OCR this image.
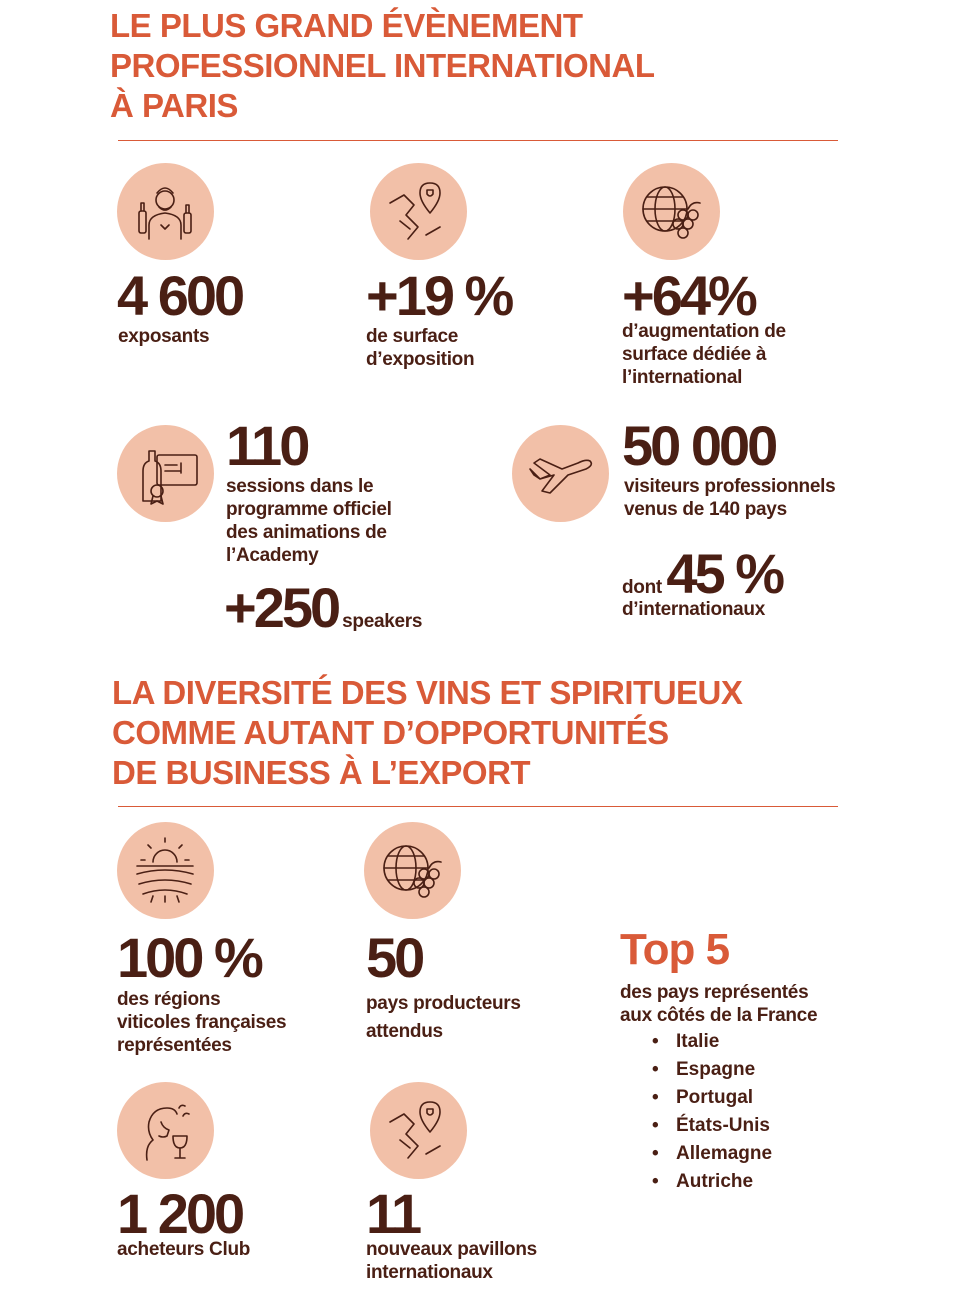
LE PLUS GRAND ÉVÈNEMENT
PROFESSIONNEL INTERNATIONAL
À PARIS
4 600
exposants
+19 %
de surface
d’exposition
+64%
d’augmentation de
surface dédiée à
l’international
110
sessions dans le
programme officiel
des animations de
l’Academy
+250 speakers
50 000
visiteurs professionnels
venus de 140 pays
dont 45 %
d’internationaux
LA DIVERSITÉ DES VINS ET SPIRITUEUX
COMME AUTANT D’OPPORTUNITÉS
DE BUSINESS À L’EXPORT
100 %
des régions
viticoles françaises
représentées
50
pays producteurs
attendus
Top 5
des pays représentés
aux côtés de la France
• Italie
• Espagne
• Portugal
• États-Unis
• Allemagne
• Autriche
1 200
acheteurs Club
11
nouveaux pavillons
internationaux
